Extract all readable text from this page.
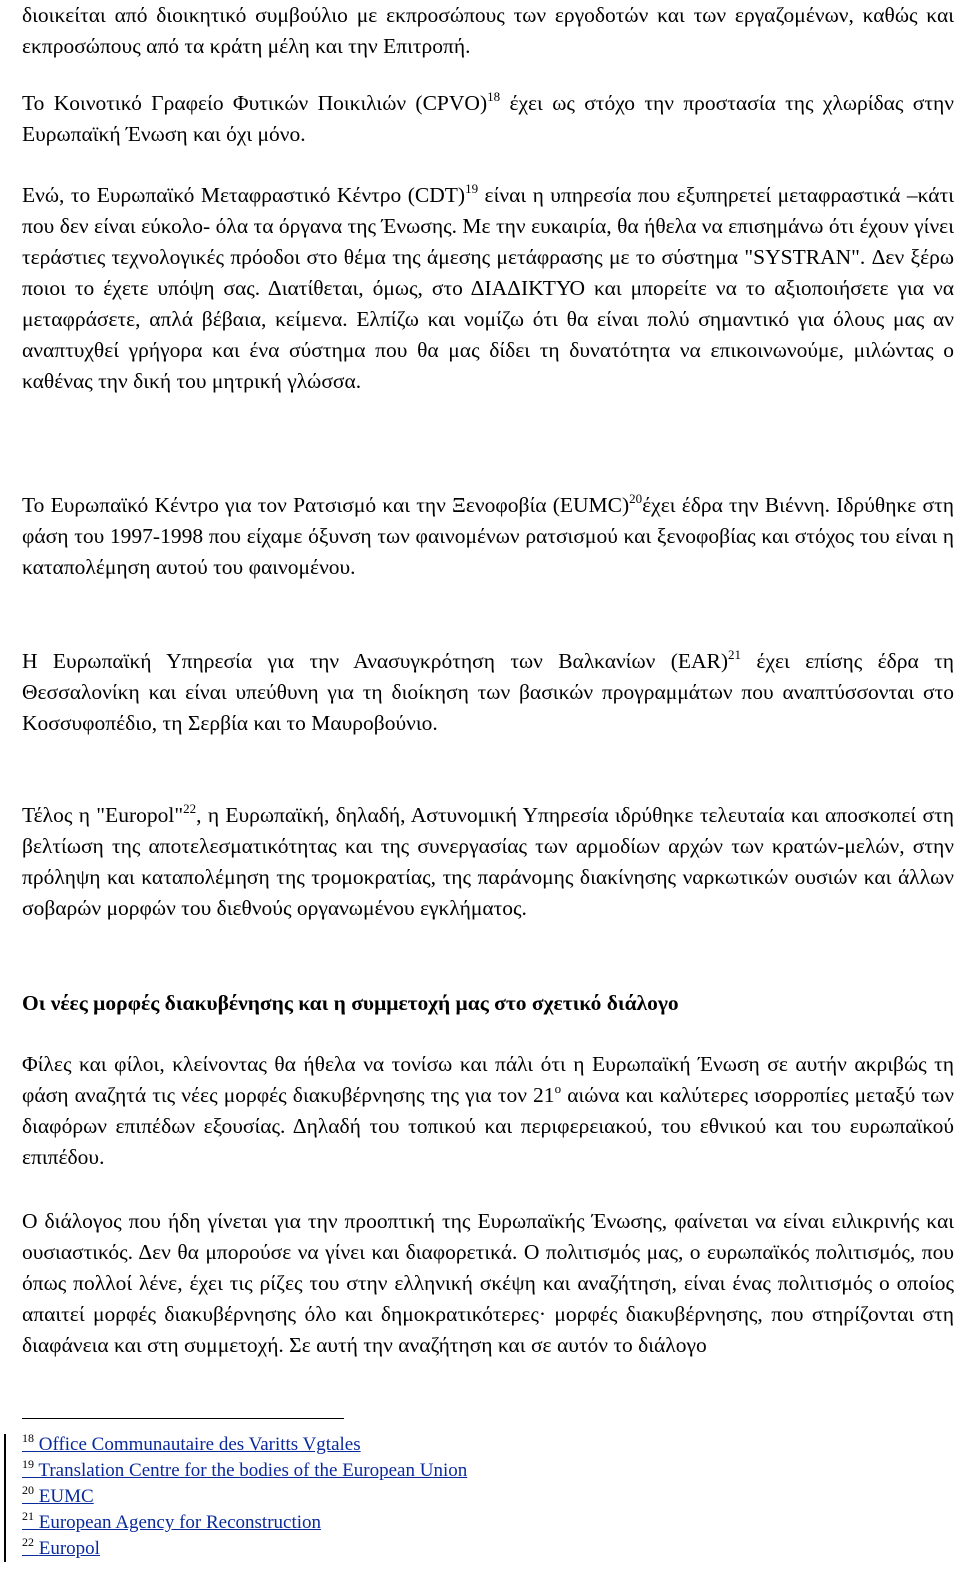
διοικείται από διοικητικό συμβούλιο με εκπροσώπους των εργοδοτών και των εργαζομένων, καθώς και εκπροσώπους από τα κράτη μέλη και την Επιτροπή.

Το Κοινοτικό Γραφείο Φυτικών Ποικιλιών (CPVO)$^{18}$ έχει ως στόχο την προστασία της χλωρίδας στην Ευρωπαϊκή Ένωση και όχι μόνο.

Ενώ, το Ευρωπαϊκό Μεταφραστικό Κέντρο (CDT)$^{19}$ είναι η υπηρεσία που εξυπηρετεί μεταφραστικά –κάτι που δεν είναι εύκολο- όλα τα όργανα της Ένωσης. Με την ευκαιρία, θα ήθελα να επισημάνω ότι έχουν γίνει τεράστιες τεχνολογικές πρόοδοι στο θέμα της άμεσης μετάφρασης με το σύστημα "SYSTRAN". Δεν ξέρω ποιοι το έχετε υπόψη σας. Διατίθεται, όμως, στο ΔΙΑΔΙΚΤΥΟ και μπορείτε να το αξιοποιήσετε για να μεταφράσετε, απλά βέβαια, κείμενα. Ελπίζω και νομίζω ότι θα είναι πολύ σημαντικό για όλους μας αν αναπτυχθεί γρήγορα και ένα σύστημα που θα μας δίδει τη δυνατότητα να επικοινωνούμε, μιλώντας ο καθένας την δική του μητρική γλώσσα.

Το Ευρωπαϊκό Κέντρο για τον Ρατσισμό και την Ξενοφοβία (EUMC)$^{20}$έχει έδρα την Βιέννη. Ιδρύθηκε στη φάση του 1997-1998 που είχαμε όξυνση των φαινομένων ρατσισμού και ξενοφοβίας και στόχος του είναι η καταπολέμηση αυτού του φαινομένου.

Η Ευρωπαϊκή Υπηρεσία για την Ανασυγκρότηση των Βαλκανίων (EAR)$^{21}$ έχει επίσης έδρα τη Θεσσαλονίκη και είναι υπεύθυνη για τη διοίκηση των βασικών προγραμμάτων που αναπτύσσονται στο Κοσσυφοπέδιο, τη Σερβία και το Μαυροβούνιο.

Τέλος η "Europol"$^{22}$, η Ευρωπαϊκή, δηλαδή, Αστυνομική Υπηρεσία ιδρύθηκε τελευταία και αποσκοπεί στη βελτίωση της αποτελεσματικότητας και της συνεργασίας των αρμοδίων αρχών των κρατών-μελών, στην πρόληψη και καταπολέμηση της τρομοκρατίας, της παράνομης διακίνησης ναρκωτικών ουσιών και άλλων σοβαρών μορφών του διεθνούς οργανωμένου εγκλήματος.

Οι νέες μορφές διακυβένησης και η συμμετοχή μας στο σχετικό διάλογο

Φίλες και φίλοι, κλείνοντας θα ήθελα να τονίσω και πάλι ότι η Ευρωπαϊκή Ένωση σε αυτήν ακριβώς τη φάση αναζητά τις νέες μορφές διακυβέρνησης της για τον $21^o$ αιώνα και καλύτερες ισορροπίες μεταξύ των διαφόρων επιπέδων εξουσίας. Δηλαδή του τοπικού και περιφερειακού, του εθνικού και του ευρωπαϊκού επιπέδου.

Ο διάλογος που ήδη γίνεται για την προοπτική της Ευρωπαϊκής Ένωσης, φαίνεται να είναι ειλικρινής και ουσιαστικός. Δεν θα μπορούσε να γίνει και διαφορετικά. Ο πολιτισμός μας, ο ευρωπαϊκός πολιτισμός, που όπως πολλοί λένε, έχει τις ρίζες του στην ελληνική σκέψη και αναζήτηση, είναι ένας πολιτισμός ο οποίος απαιτεί μορφές διακυβέρνησης όλο και δημοκρατικότερες· μορφές διακυβέρνησης, που στηρίζονται στη διαφάνεια και στη συμμετοχή. Σε αυτή την αναζήτηση και σε αυτόν το διάλογο

$^{18}$ Office Communautaire des Varitts Vgtales
$^{19}$ Translation Centre for the bodies of the European Union
$^{20}$ EUMC
$^{21}$ European Agency for Reconstruction
$^{22}$ Europol
